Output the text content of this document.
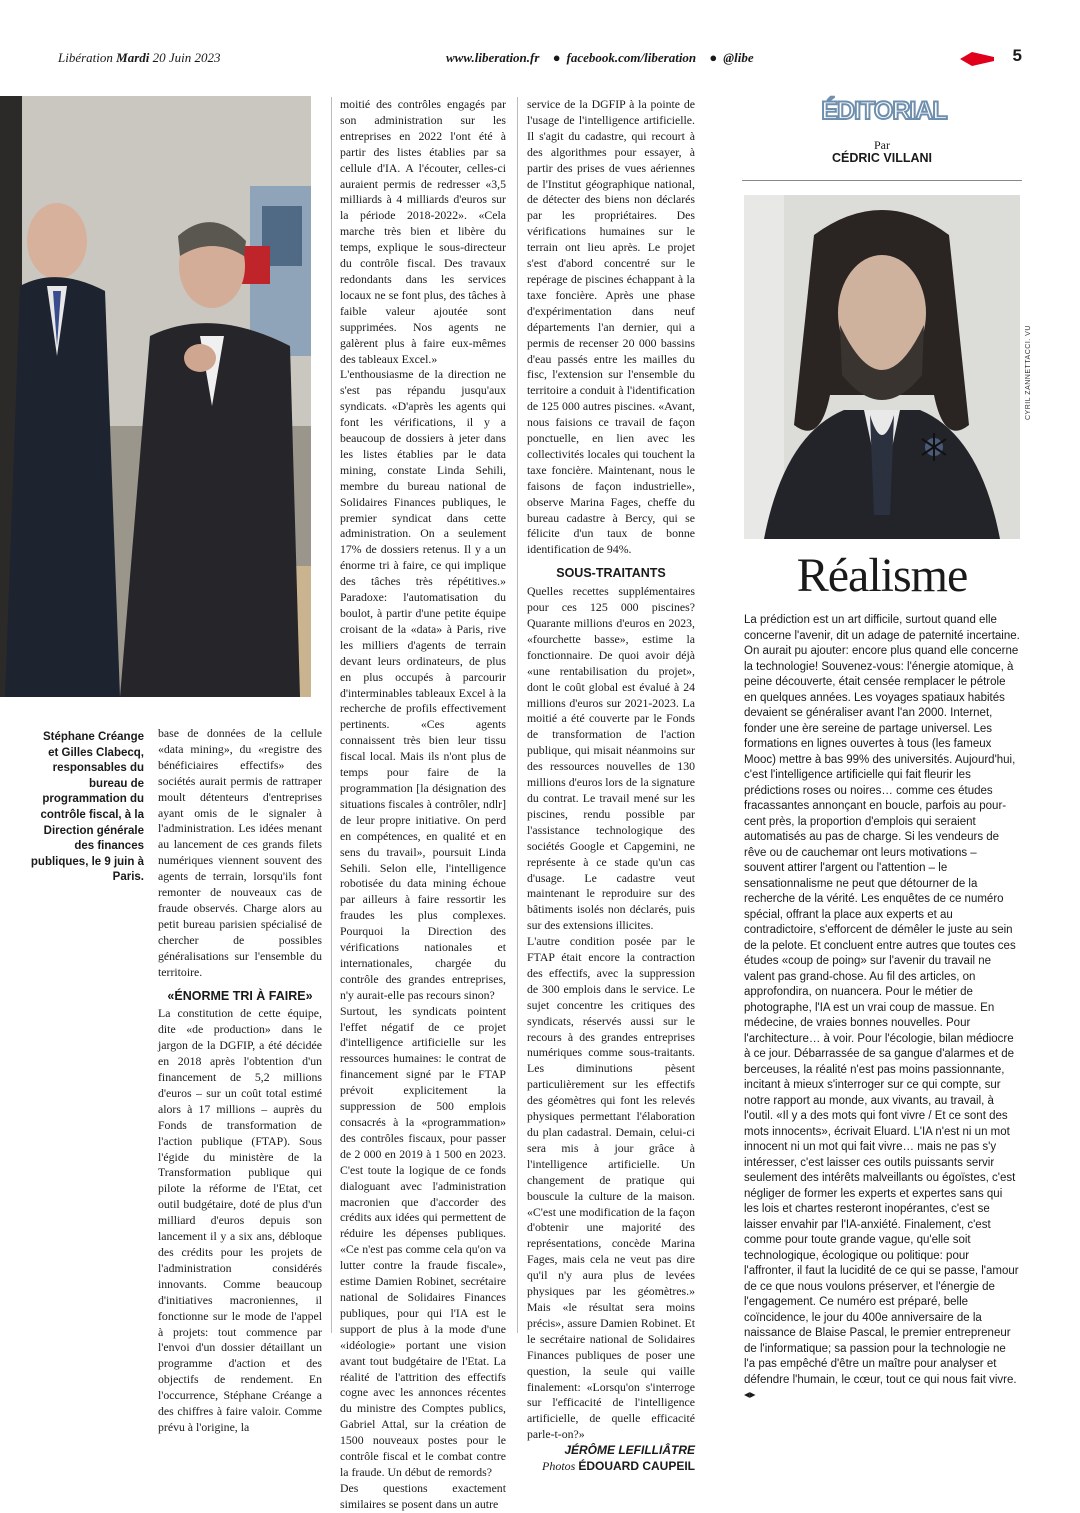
Libération Mardi 20 Juin 2023	www.liberation.fr ● facebook.com/liberation ● @libe	5
Stéphane Créange et Gilles Clabecq, responsables du bureau de programmation du contrôle fiscal, à la Direction générale des finances publiques, le 9 juin à Paris.

base de données de la cellule «data mining», du «registre des bénéficiaires effectifs» des sociétés aurait permis de rattraper moult détenteurs d'entreprises ayant omis de le signaler à l'administration. Les idées menant au lancement de ces grands filets numériques viennent souvent des agents de terrain, lorsqu'ils font remonter de nouveaux cas de fraude observés. Charge alors au petit bureau parisien spécialisé de chercher de possibles généralisations sur l'ensemble du territoire.

«ÉNORME TRI À FAIRE»

La constitution de cette équipe, dite «de production» dans le jargon de la DGFIP, a été décidée en 2018 après l'obtention d'un financement de 5,2 millions d'euros – sur un coût total estimé alors à 17 millions – auprès du Fonds de transformation de l'action publique (FTAP). Sous l'égide du ministère de la Transformation publique qui pilote la réforme de l'Etat, cet outil budgétaire, doté de plus d'un milliard d'euros depuis son lancement il y a six ans, débloque des crédits pour les projets de l'administration considérés innovants. Comme beaucoup d'initiatives macroniennes, il fonctionne sur le mode de l'appel à projets: tout commence par l'envoi d'un dossier détaillant un programme d'action et des objectifs de rendement. En l'occurrence, Stéphane Créange a des chiffres à faire valoir. Comme prévu à l'origine, la

moitié des contrôles engagés par son administration sur les entreprises en 2022 l'ont été à partir des listes établies par sa cellule d'IA. A l'écouter, celles-ci auraient permis de redresser «3,5 milliards à 4 milliards d'euros sur la période 2018-2022». «Cela marche très bien et libère du temps, explique le sous-directeur du contrôle fiscal. Des travaux redondants dans les services locaux ne se font plus, des tâches à faible valeur ajoutée sont supprimées. Nos agents ne galèrent plus à faire eux-mêmes des tableaux Excel.»

L'enthousiasme de la direction ne s'est pas répandu jusqu'aux syndicats. «D'après les agents qui font les vérifications, il y a beaucoup de dossiers à jeter dans les listes établies par le data mining, constate Linda Sehili, membre du bureau national de Solidaires Finances publiques, le premier syndicat dans cette administration. On a seulement 17% de dossiers retenus. Il y a un énorme tri à faire, ce qui implique des tâches très répétitives.» Paradoxe: l'automatisation du boulot, à partir d'une petite équipe croisant de la «data» à Paris, rive les milliers d'agents de terrain devant leurs ordinateurs, de plus en plus occupés à parcourir d'interminables tableaux Excel à la recherche de profils effectivement pertinents. «Ces agents connaissent très bien leur tissu fiscal local. Mais ils n'ont plus de temps pour faire de la programmation [la désignation des situations fiscales à contrôler, ndlr] de leur propre initiative. On perd en compétences, en qualité et en sens du travail», poursuit Linda Sehili. Selon elle, l'intelligence robotisée du data mining échoue par ailleurs à faire ressortir les fraudes les plus complexes. Pourquoi la Direction des vérifications nationales et internationales, chargée du contrôle des grandes entreprises, n'y aurait-elle pas recours sinon?

Surtout, les syndicats pointent l'effet négatif de ce projet d'intelligence artificielle sur les ressources humaines: le contrat de financement signé par le FTAP prévoit explicitement la suppression de 500 emplois consacrés à la «programmation» des contrôles fiscaux, pour passer de 2 000 en 2019 à 1 500 en 2023. C'est toute la logique de ce fonds dialoguant avec l'administration macronien que d'accorder des crédits aux idées qui permettent de réduire les dépenses publiques. «Ce n'est pas comme cela qu'on va lutter contre la fraude fiscale», estime Damien Robinet, secrétaire national de Solidaires Finances publiques, pour qui l'IA est le support de plus à la mode d'une «idéologie» portant une vision avant tout budgétaire de l'Etat. La réalité de l'attrition des effectifs cogne avec les annonces récentes du ministre des Comptes publics, Gabriel Attal, sur la création de 1500 nouveaux postes pour le contrôle fiscal et le combat contre la fraude. Un début de remords?

Des questions exactement similaires se posent dans un autre

service de la DGFIP à la pointe de l'usage de l'intelligence artificielle. Il s'agit du cadastre, qui recourt à des algorithmes pour essayer, à partir des prises de vues aériennes de l'Institut géographique national, de détecter des biens non déclarés par les propriétaires. Des vérifications humaines sur le terrain ont lieu après. Le projet s'est d'abord concentré sur le repérage de piscines échappant à la taxe foncière. Après une phase d'expérimentation dans neuf départements l'an dernier, qui a permis de recenser 20 000 bassins d'eau passés entre les mailles du fisc, l'extension sur l'ensemble du territoire a conduit à l'identification de 125 000 autres piscines. «Avant, nous faisions ce travail de façon ponctuelle, en lien avec les collectivités locales qui touchent la taxe foncière. Maintenant, nous le faisons de façon industrielle», observe Marina Fages, cheffe du bureau cadastre à Bercy, qui se félicite d'un taux de bonne identification de 94%.

SOUS-TRAITANTS

Quelles recettes supplémentaires pour ces 125 000 piscines? Quarante millions d'euros en 2023, «fourchette basse», estime la fonctionnaire. De quoi avoir déjà «une rentabilisation du projet», dont le coût global est évalué à 24 millions d'euros sur 2021-2023. La moitié a été couverte par le Fonds de transformation de l'action publique, qui misait néanmoins sur des ressources nouvelles de 130 millions d'euros lors de la signature du contrat. Le travail mené sur les piscines, rendu possible par l'assistance technologique des sociétés Google et Capgemini, ne représente à ce stade qu'un cas d'usage. Le cadastre veut maintenant le reproduire sur des bâtiments isolés non déclarés, puis sur des extensions illicites.

L'autre condition posée par le FTAP était encore la contraction des effectifs, avec la suppression de 300 emplois dans le service. Le sujet concentre les critiques des syndicats, réservés aussi sur le recours à des grandes entreprises numériques comme sous-traitants. Les diminutions pèsent particulièrement sur les effectifs des géomètres qui font les relevés physiques permettant l'élaboration du plan cadastral. Demain, celui-ci sera mis à jour grâce à l'intelligence artificielle. Un changement de pratique qui bouscule la culture de la maison. «C'est une modification de la façon d'obtenir une majorité des représentations, concède Marina Fages, mais cela ne veut pas dire qu'il n'y aura plus de levées physiques par les géomètres.» Mais «le résultat sera moins précis», assure Damien Robinet. Et le secrétaire national de Solidaires Finances publiques de poser une question, la seule qui vaille finalement: «Lorsqu'on s'interroge sur l'efficacité de l'intelligence artificielle, de quelle efficacité parle-t-on?»

JÉRÔME LEFILLIÂTRE
Photos ÉDOUARD CAUPEIL
ÉDITORIAL
Par
CÉDRIC VILLANI
CYRIL ZANNETTACCI. VU
Réalisme
La prédiction est un art difficile, surtout quand elle concerne l'avenir, dit un adage de paternité incertaine. On aurait pu ajouter: encore plus quand elle concerne la technologie! Souvenez-vous: l'énergie atomique, à peine découverte, était censée remplacer le pétrole en quelques années. Les voyages spatiaux habités devaient se généraliser avant l'an 2000. Internet, fonder une ère sereine de partage universel. Les formations en lignes ouvertes à tous (les fameux Mooc) mettre à bas 99% des universités. Aujourd'hui, c'est l'intelligence artificielle qui fait fleurir les prédictions roses ou noires… comme ces études fracassantes annonçant en boucle, parfois au pour-cent près, la proportion d'emplois qui seraient automatisés au pas de charge. Si les vendeurs de rêve ou de cauchemar ont leurs motivations – souvent attirer l'argent ou l'attention – le sensationnalisme ne peut que détourner de la recherche de la vérité. Les enquêtes de ce numéro spécial, offrant la place aux experts et au contradictoire, s'efforcent de démêler le juste au sein de la pelote. Et concluent entre autres que toutes ces études «coup de poing» sur l'avenir du travail ne valent pas grand-chose. Au fil des articles, on approfondira, on nuancera. Pour le métier de photographe, l'IA est un vrai coup de massue. En médecine, de vraies bonnes nouvelles. Pour l'architecture… à voir. Pour l'écologie, bilan médiocre à ce jour. Débarrassée de sa gangue d'alarmes et de berceuses, la réalité n'est pas moins passionnante, incitant à mieux s'interroger sur ce qui compte, sur notre rapport au monde, aux vivants, au travail, à l'outil. «Il y a des mots qui font vivre / Et ce sont des mots innocents», écrivait Eluard. L'IA n'est ni un mot innocent ni un mot qui fait vivre… mais ne pas s'y intéresser, c'est laisser ces outils puissants servir seulement des intérêts malveillants ou égoïstes, c'est négliger de former les experts et expertes sans qui les lois et chartes resteront inopérantes, c'est se laisser envahir par l'IA-anxiété. Finalement, c'est comme pour toute grande vague, qu'elle soit technologique, écologique ou politique: pour l'affronter, il faut la lucidité de ce qui se passe, l'amour de ce que nous voulons préserver, et l'énergie de l'engagement. Ce numéro est préparé, belle coïncidence, le jour du 400e anniversaire de la naissance de Blaise Pascal, le premier entrepreneur de l'informatique; sa passion pour la technologie ne l'a pas empêché d'être un maître pour analyser et défendre l'humain, le cœur, tout ce qui nous fait vivre. ◂▸
